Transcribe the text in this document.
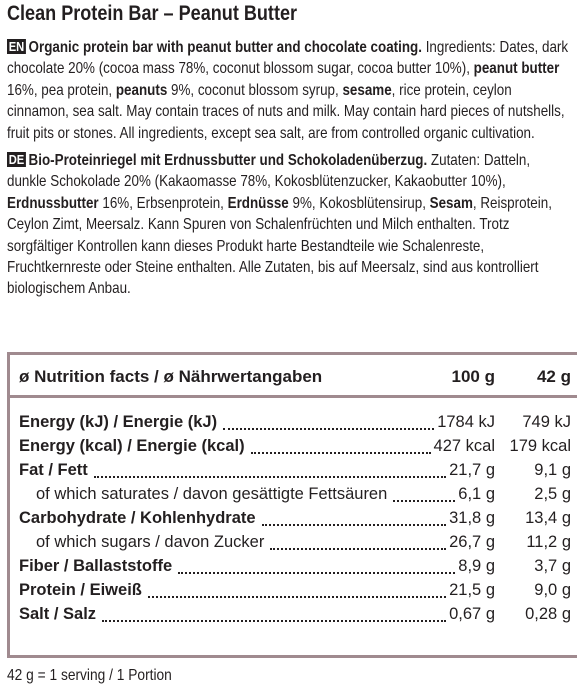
Clean Protein Bar – Peanut Butter
EN Organic protein bar with peanut butter and chocolate coating. Ingredients: Dates, dark chocolate 20% (cocoa mass 78%, coconut blossom sugar, cocoa butter 10%), peanut butter 16%, pea protein, peanuts 9%, coconut blossom syrup, sesame, rice protein, ceylon cinnamon, sea salt. May contain traces of nuts and milk. May contain hard pieces of nutshells, fruit pits or stones. All ingredients, except sea salt, are from controlled organic cultivation.
DE Bio-Proteinriegel mit Erdnussbutter und Schokoladenüberzug. Zutaten: Datteln, dunkle Schokolade 20% (Kakaomasse 78%, Kokosblütenzucker, Kakaobutter 10%), Erdnussbutter 16%, Erbsenprotein, Erdnüsse 9%, Kokosblütensirup, Sesam, Reisprotein, Ceylon Zimt, Meersalz. Kann Spuren von Schalenfrüchten und Milch enthalten. Trotz sorgfältiger Kontrollen kann dieses Produkt harte Bestandteile wie Schalenreste, Fruchtkernreste oder Steine enthalten. Alle Zutaten, bis auf Meersalz, sind aus kontrolliert biologischem Anbau.
ø Nutrition facts / ø Nährwertangaben	100 g 42 g
Energy (kJ) / Energie (kJ)	1784 kJ 749 kJ
Energy (kcal) / Energie (kcal)	427 kcal 179 kcal
Fat / Fett	21,7 g 9,1 g
of which saturates / davon gesättigte Fettsäuren	6,1 g 2,5 g
Carbohydrate / Kohlenhydrate	31,8 g 13,4 g
of which sugars / davon Zucker	26,7 g 11,2 g
Fiber / Ballaststoffe	8,9 g 3,7 g
Protein / Eiweiß	21,5 g 9,0 g
Salt / Salz	0,67 g 0,28 g
42 g = 1 serving / 1 Portion
